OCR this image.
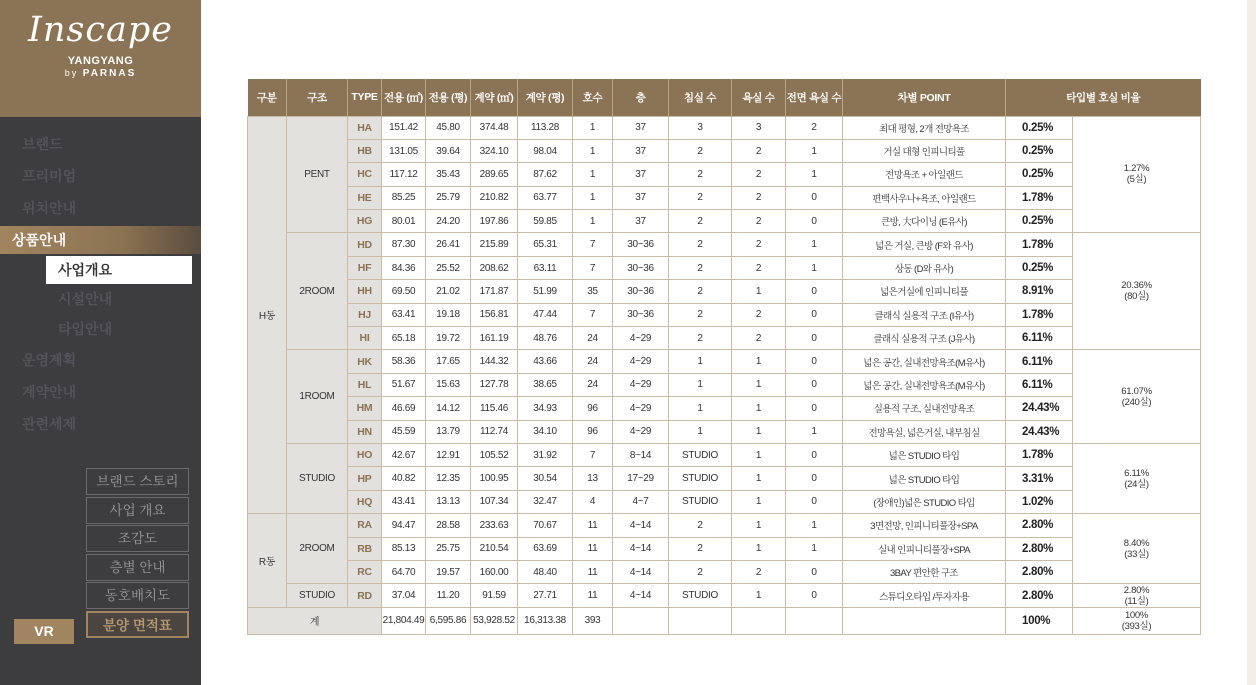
Inscape
YANGYANG
by PARNAS
브랜드
프리미엄
위치안내
상품안내
사업개요
시설안내
타입안내
운영계획
계약안내
관련세제
브랜드 스토리
사업 개요
조감도
층별 안내
동호배치도
분양 면적표
VR
구분	구조	TYPE	전용 (㎡)	전용 (평)	계약 (㎡)	계약 (평)	호수	층	침실 수	욕실 수	전면 욕실 수	차별 POINT	타입별 호실 비율	
H동	PENT	HA	151.42	45.80	374.48	113.28	1	37	3	3	2	최대 평형, 2개 전망욕조	0.25%	1.27%
(5실)
		HB	131.05	39.64	324.10	98.04	1	37	2	2	1	거실 대형 인피니티풀	0.25%	
		HC	117.12	35.43	289.65	87.62	1	37	2	2	1	전망욕조 + 아일랜드	0.25%	
		HE	85.25	25.79	210.82	63.77	1	37	2	2	0	편백사우나+욕조, 아일랜드	1.78%	
		HG	80.01	24.20	197.86	59.85	1	37	2	2	0	큰방, 大다이닝 (E유사)	0.25%	
	2ROOM	HD	87.30	26.41	215.89	65.31	7	30~36	2	2	1	넓은 거실, 큰방 (F와 유사)	1.78%	20.36%
(80실)
		HF	84.36	25.52	208.62	63.11	7	30~36	2	2	1	상동 (D와 유사)	0.25%	
		HH	69.50	21.02	171.87	51.99	35	30~36	2	1	0	넓은거실에 인피니티풀	8.91%	
		HJ	63.41	19.18	156.81	47.44	7	30~36	2	2	0	클래식 실용적 구조 (I유사)	1.78%	
		HI	65.18	19.72	161.19	48.76	24	4~29	2	2	0	클래식 실용적 구조 (J유사)	6.11%	
	1ROOM	HK	58.36	17.65	144.32	43.66	24	4~29	1	1	0	넓은 공간, 실내전망욕조(M유사)	6.11%	61.07%
(240실)
		HL	51.67	15.63	127.78	38.65	24	4~29	1	1	0	넓은 공간, 실내전망욕조(M유사)	6.11%	
		HM	46.69	14.12	115.46	34.93	96	4~29	1	1	0	실용적 구조, 실내전망욕조	24.43%	
		HN	45.59	13.79	112.74	34.10	96	4~29	1	1	1	전망욕실, 넓은거실, 내부침실	24.43%	
	STUDIO	HO	42.67	12.91	105.52	31.92	7	8~14	STUDIO	1	0	넓은 STUDIO 타입	1.78%	6.11%
(24실)
		HP	40.82	12.35	100.95	30.54	13	17~29	STUDIO	1	0	넓은 STUDIO 타입	3.31%	
		HQ	43.41	13.13	107.34	32.47	4	4~7	STUDIO	1	0	(장애인)넓은 STUDIO 타입	1.02%	
R동	2ROOM	RA	94.47	28.58	233.63	70.67	11	4~14	2	1	1	3면전망, 인피니티풀장+SPA	2.80%	8.40%
(33실)
		RB	85.13	25.75	210.54	63.69	11	4~14	2	1	1	실내 인피니티풀장+SPA	2.80%	
		RC	64.70	19.57	160.00	48.40	11	4~14	2	2	0	3BAY 편안한 구조	2.80%	
	STUDIO	RD	37.04	11.20	91.59	27.71	11	4~14	STUDIO	1	0	스튜디오타입 /투자자용	2.80%	2.80%
(11실)
계			21,804.49	6,595.86	53,928.52	16,313.38	393						100%	100%
(393실)
